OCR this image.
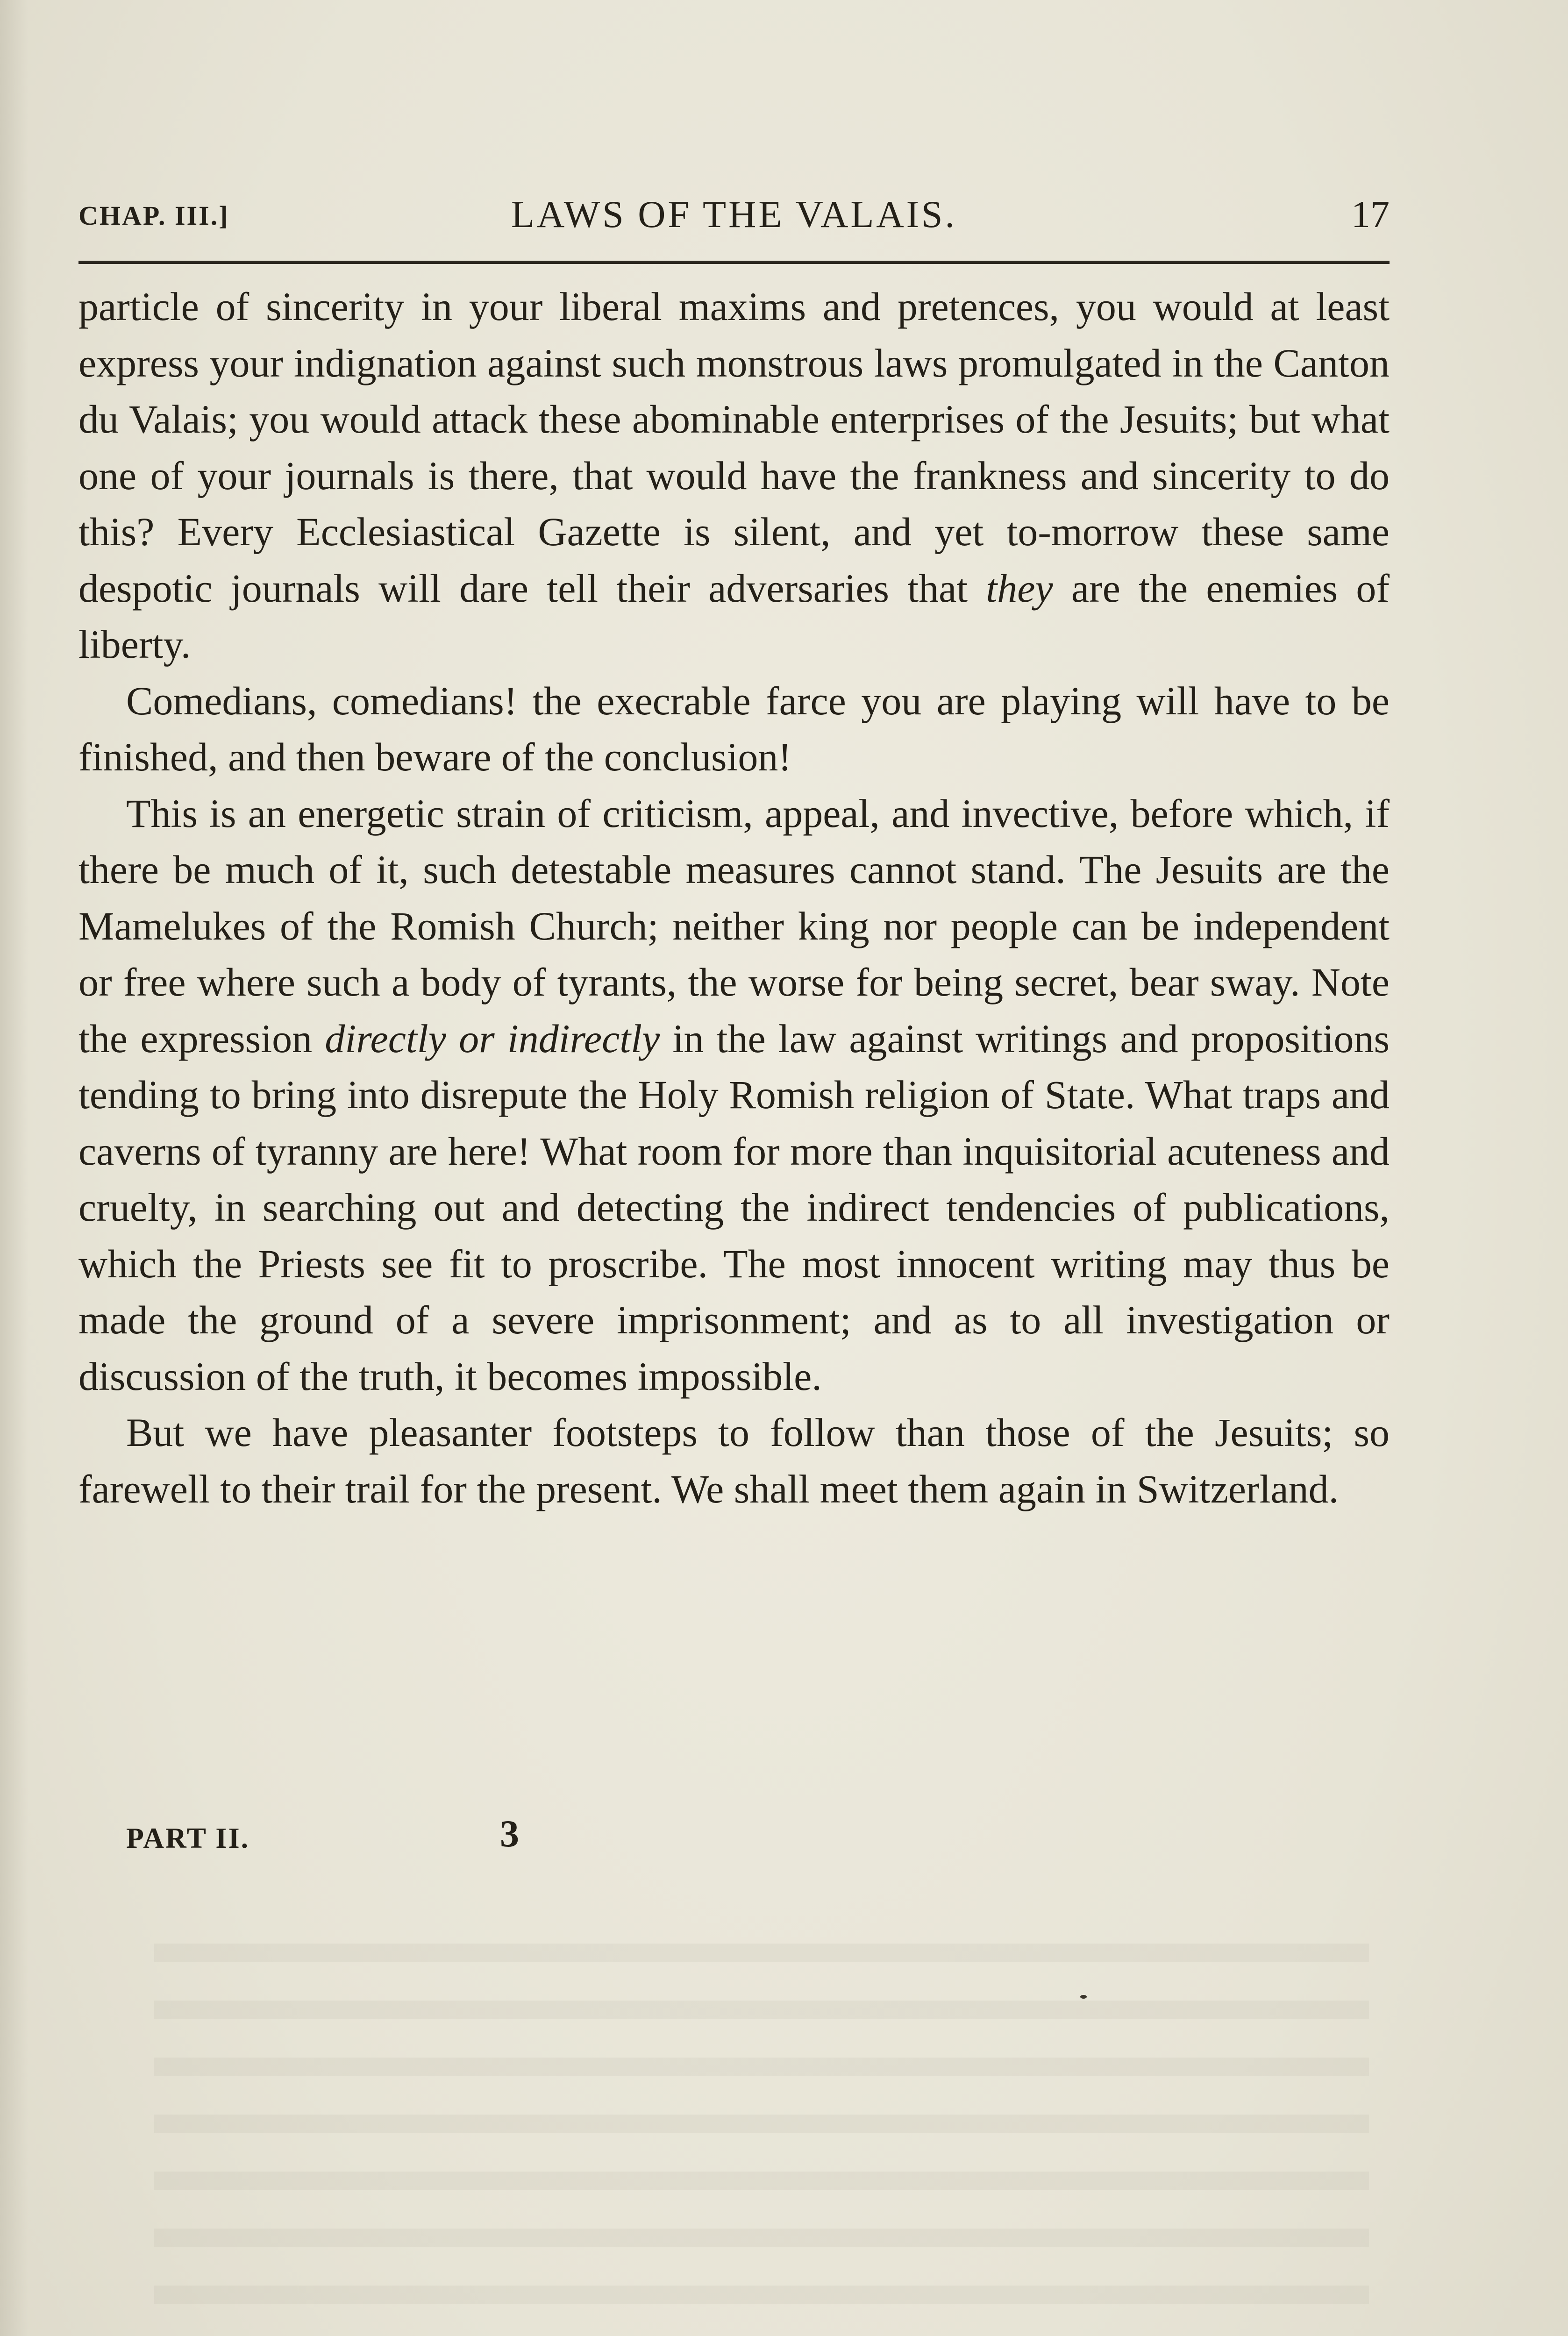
CHAP. III.]	LAWS OF THE VALAIS.	17

particle of sincerity in your liberal maxims and pretences, you would at least express your indignation against such monstrous laws promulgated in the Canton du Valais; you would attack these abominable enterprises of the Jesuits; but what one of your journals is there, that would have the frankness and sincerity to do this? Every Ecclesiastical Gazette is silent, and yet to-morrow these same despotic journals will dare tell their adversaries that they are the enemies of liberty.

Comedians, comedians! the execrable farce you are playing will have to be finished, and then beware of the conclusion!

This is an energetic strain of criticism, appeal, and invective, before which, if there be much of it, such detestable measures cannot stand. The Jesuits are the Mamelukes of the Romish Church; neither king nor people can be independent or free where such a body of tyrants, the worse for being secret, bear sway. Note the expression directly or indirectly in the law against writings and propositions tending to bring into disrepute the Holy Romish religion of State. What traps and caverns of tyranny are here! What room for more than inquisitorial acuteness and cruelty, in searching out and detecting the indirect tendencies of publications, which the Priests see fit to proscribe. The most innocent writing may thus be made the ground of a severe imprisonment; and as to all investigation or discussion of the truth, it becomes impossible.

But we have pleasanter footsteps to follow than those of the Jesuits; so farewell to their trail for the present. We shall meet them again in Switzerland.

PART II.	3
